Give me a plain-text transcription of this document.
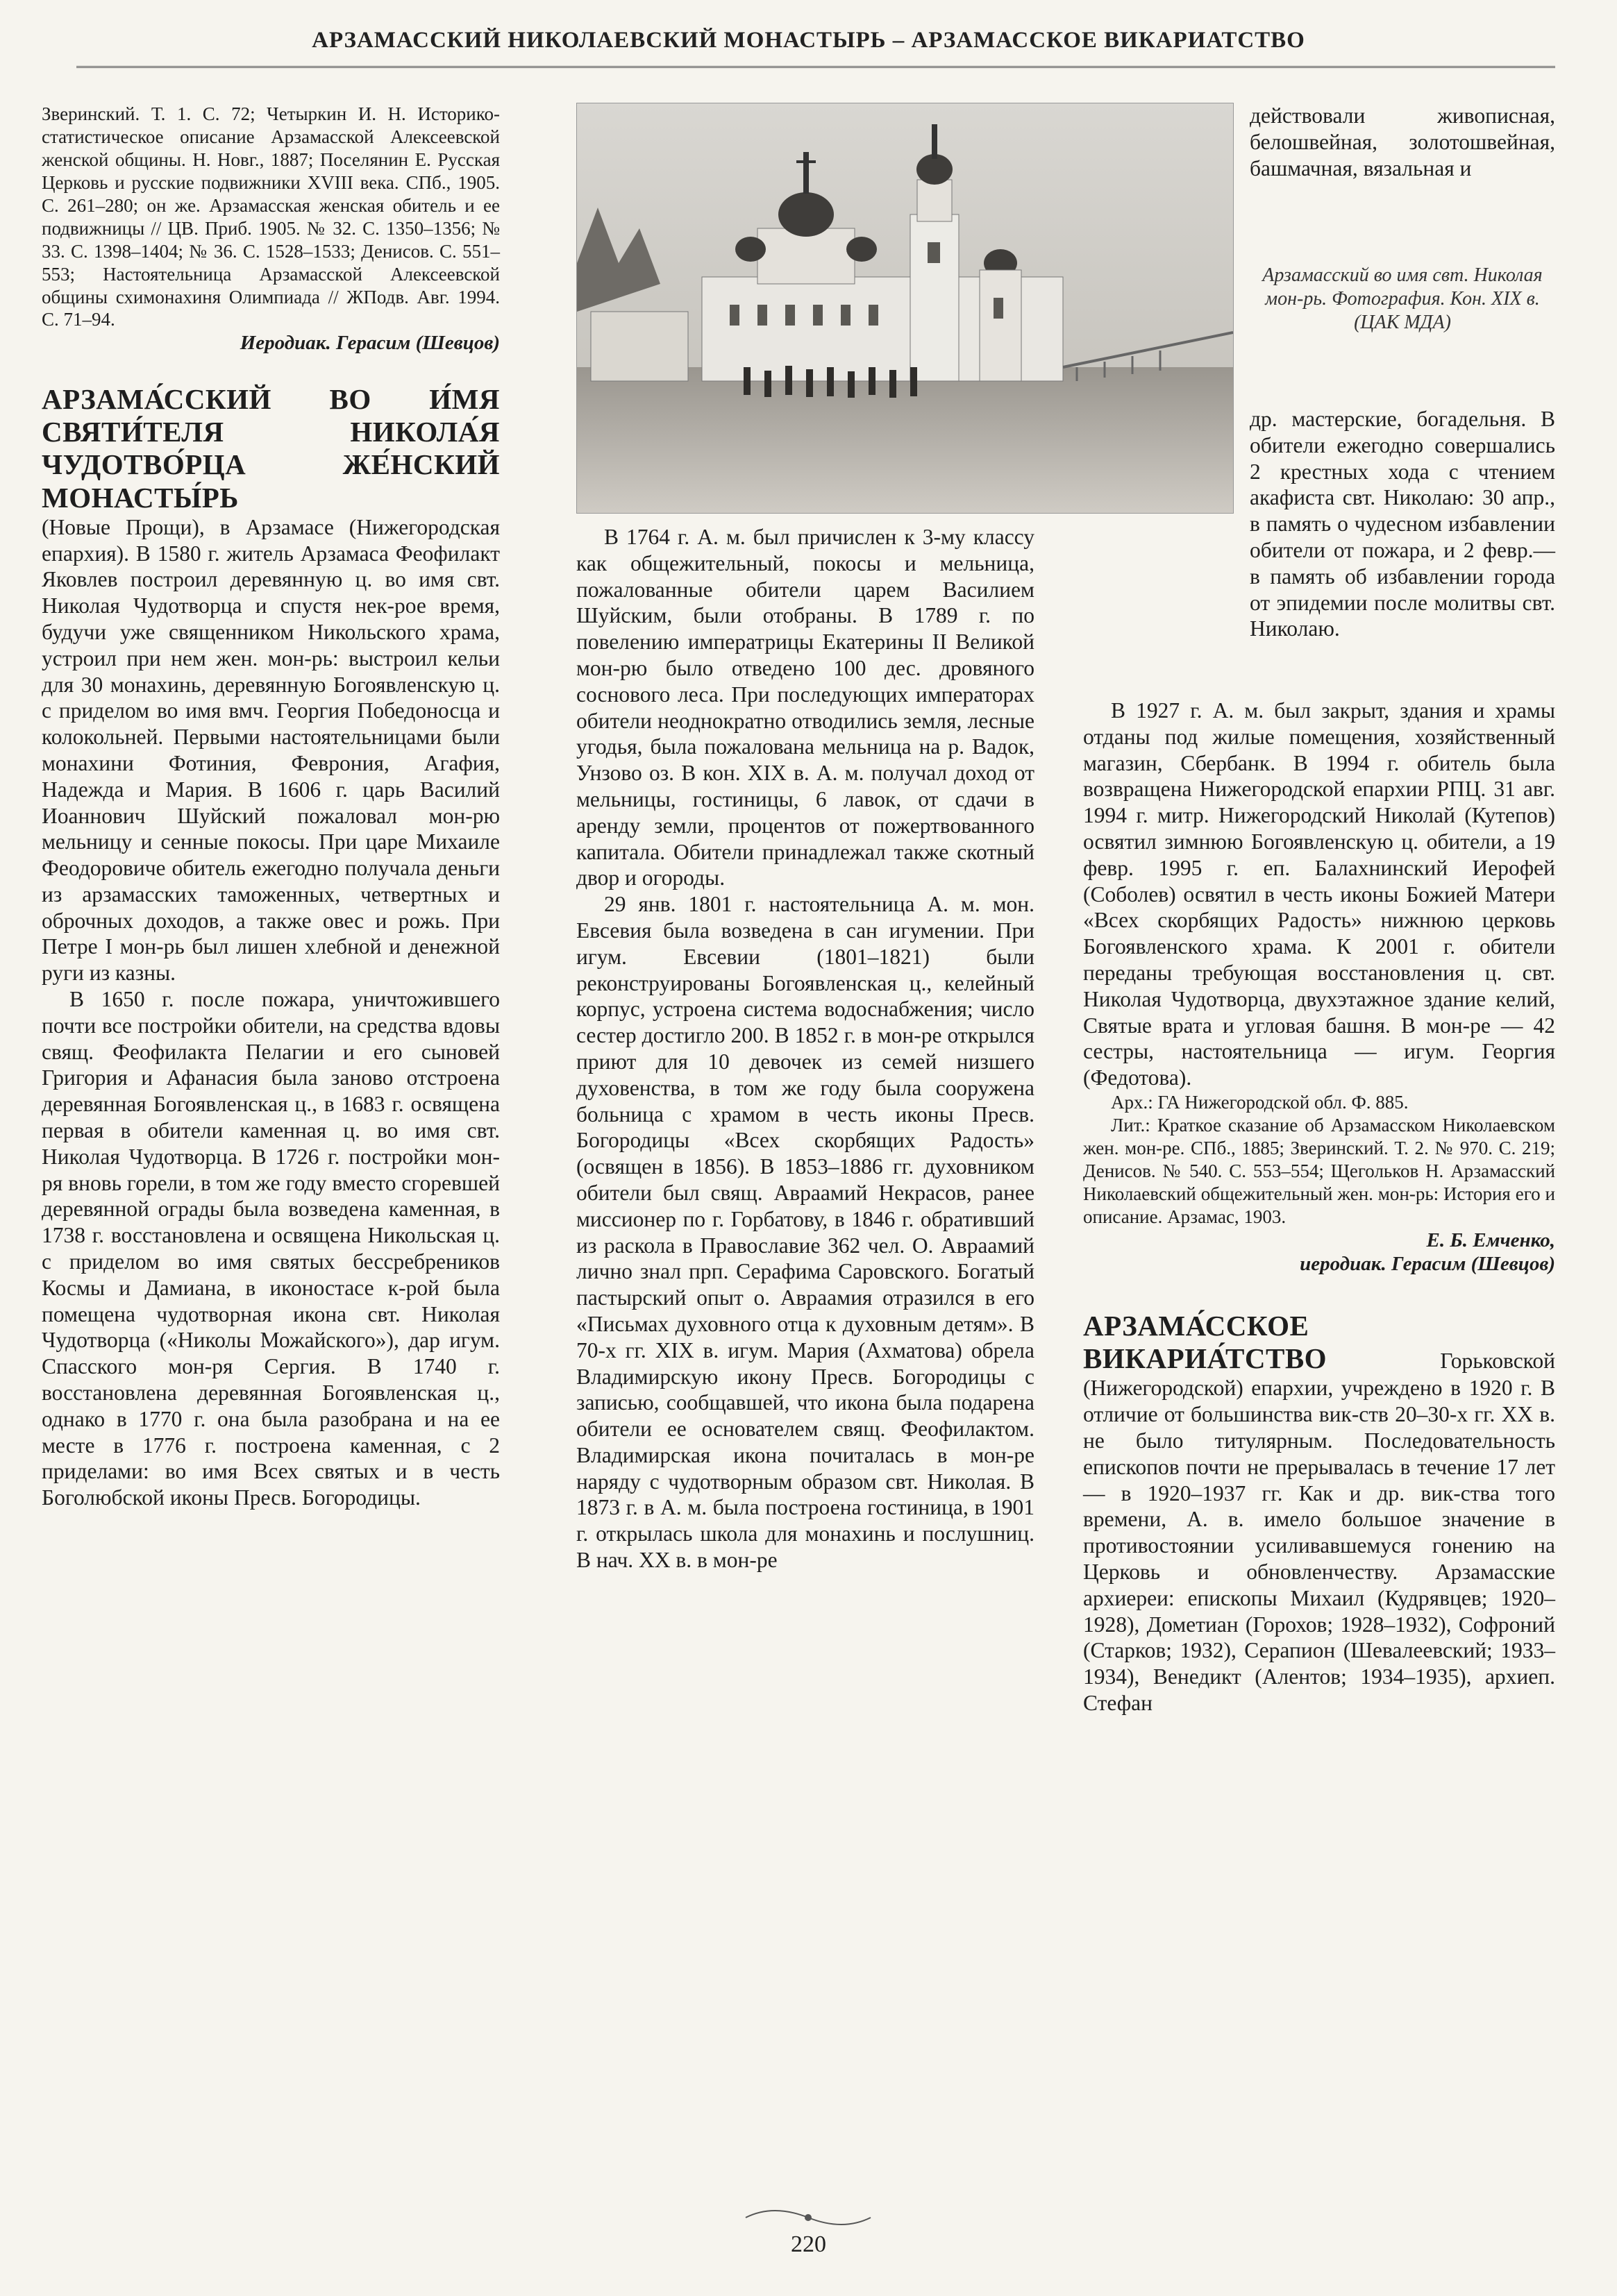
АРЗАМАССКИЙ НИКОЛАЕВСКИЙ МОНАСТЫРЬ – АРЗАМАССКОЕ ВИКАРИАТСТВО

Зверинский. Т. 1. С. 72; Четыркин И. Н. Историко-статистическое описание Арзамасской Алексеевской женской общины. Н. Новг., 1887; Поселянин Е. Русская Церковь и русские подвижники XVIII века. СПб., 1905. С. 261–280; он же. Арзамасская женская обитель и ее подвижницы // ЦВ. Приб. 1905. № 32. С. 1350–1356; № 33. С. 1398–1404; № 36. С. 1528–1533; Денисов. С. 551–553; Настоятельница Арзамасской Алексеевской общины схимонахиня Олимпиада // ЖПодв. Авг. 1994. С. 71–94.

Иеродиак. Герасим (Шевцов)

АРЗАМА́ССКИЙ ВО И́МЯ СВЯТИ́ТЕЛЯ НИКОЛА́Я ЧУДОТВО́РЦА ЖЕ́НСКИЙ МОНАСТЫ́РЬ

(Новые Прощи), в Арзамасе (Нижегородская епархия). В 1580 г. житель Арзамаса Феофилакт Яковлев построил деревянную ц. во имя свт. Николая Чудотворца и спустя нек-рое время, будучи уже священником Никольского храма, устроил при нем жен. мон-рь: выстроил кельи для 30 монахинь, деревянную Богоявленскую ц. с приделом во имя вмч. Георгия Победоносца и колокольней. Первыми настоятельницами были монахини Фотиния, Феврония, Агафия, Надежда и Мария. В 1606 г. царь Василий Иоаннович Шуйский пожаловал мон-рю мельницу и сенные покосы. При царе Михаиле Феодоровиче обитель ежегодно получала деньги из арзамасских таможенных, четвертных и оброчных доходов, а также овес и рожь. При Петре I мон-рь был лишен хлебной и денежной руги из казны.

В 1650 г. после пожара, уничтожившего почти все постройки обители, на средства вдовы свящ. Феофилакта Пелагии и его сыновей Григория и Афанасия была заново отстроена деревянная Богоявленская ц., в 1683 г. освящена первая в обители каменная ц. во имя свт. Николая Чудотворца. В 1726 г. постройки мон-ря вновь горели, в том же году вместо сгоревшей деревянной ограды была возведена каменная, в 1738 г. восстановлена и освящена Никольская ц. с приделом во имя святых бессребреников Космы и Дамиана, в иконостасе к-рой была помещена чудотворная икона свт. Николая Чудотворца («Николы Можайского»), дар игум. Спасского мон-ря Сергия. В 1740 г. восстановлена деревянная Богоявленская ц., однако в 1770 г. она была разобрана и на ее месте в 1776 г. построена каменная, с 2 приделами: во имя Всех святых и в честь Боголюбской иконы Пресв. Богородицы.

действовали живописная, белошвейная, золотошвейная, башмачная, вязальная и
Арзамасский во имя свт. Николая мон-рь. Фотография. Кон. XIX в. (ЦАК МДА)
др. мастерские, богадельня. В обители ежегодно совершались 2 крестных хода с чтением акафиста свт. Николаю: 30 апр., в память о чудесном избавлении обители от пожара, и 2 февр.— в память об избавлении города от эпидемии после молитвы свт. Николаю.

В 1764 г. А. м. был причислен к 3-му классу как общежительный, покосы и мельница, пожалованные обители царем Василием Шуйским, были отобраны. В 1789 г. по повелению императрицы Екатерины II Великой мон-рю было отведено 100 дес. дровяного соснового леса. При последующих императорах обители неоднократно отводились земля, лесные угодья, была пожалована мельница на р. Вадок, Унзово оз. В кон. XIX в. А. м. получал доход от мельницы, гостиницы, 6 лавок, от сдачи в аренду земли, процентов от пожертвованного капитала. Обители принадлежал также скотный двор и огороды.

29 янв. 1801 г. настоятельница А. м. мон. Евсевия была возведена в сан игумении. При игум. Евсевии (1801–1821) были реконструированы Богоявленская ц., келейный корпус, устроена система водоснабжения; число сестер достигло 200. В 1852 г. в мон-ре открылся приют для 10 девочек из семей низшего духовенства, в том же году была сооружена больница с храмом в честь иконы Пресв. Богородицы «Всех скорбящих Радость» (освящен в 1856). В 1853–1886 гг. духовником обители был свящ. Авраамий Некрасов, ранее миссионер по г. Горбатову, в 1846 г. обративший из раскола в Православие 362 чел. О. Авраамий лично знал прп. Серафима Саровского. Богатый пастырский опыт о. Авраамия отразился в его «Письмах духовного отца к духовным детям». В 70-х гг. XIX в. игум. Мария (Ахматова) обрела Владимирскую икону Пресв. Богородицы с записью, сообщавшей, что икона была подарена обители ее основателем свящ. Феофилактом. Владимирская икона почиталась в мон-ре наряду с чудотворным образом свт. Николая. В 1873 г. в А. м. была построена гостиница, в 1901 г. открылась школа для монахинь и послушниц. В нач. XX в. в мон-ре

В 1927 г. А. м. был закрыт, здания и храмы отданы под жилые помещения, хозяйственный магазин, Сбербанк. В 1994 г. обитель была возвращена Нижегородской епархии РПЦ. 31 авг. 1994 г. митр. Нижегородский Николай (Кутепов) освятил зимнюю Богоявленскую ц. обители, а 19 февр. 1995 г. еп. Балахнинский Иерофей (Соболев) освятил в честь иконы Божией Матери «Всех скорбящих Радость» нижнюю церковь Богоявленского храма. К 2001 г. обители переданы требующая восстановления ц. свт. Николая Чудотворца, двухэтажное здание келий, Святые врата и угловая башня. В мон-ре — 42 сестры, настоятельница — игум. Георгия (Федотова).

Арх.: ГА Нижегородской обл. Ф. 885.

Лит.: Краткое сказание об Арзамасском Николаевском жен. мон-ре. СПб., 1885; Зверинский. Т. 2. № 970. С. 219; Денисов. № 540. С. 553–554; Щегольков Н. Арзамасский Николаевский общежительный жен. мон-рь: История его и описание. Арзамас, 1903.

Е. Б. Емченко,

иеродиак. Герасим (Шевцов)

АРЗАМА́ССКОЕ ВИКАРИА́ТСТВО	Горьковской (Нижегородской) епархии, учреждено в 1920 г. В отличие от большинства вик-ств 20–30-х гг. XX в. не было титулярным. Последовательность епископов почти не прерывалась в течение 17 лет — в 1920–1937 гг. Как и др. вик-ства того времени, А. в. имело большое значение в противостоянии усиливавшемуся гонению на Церковь и обновленчеству. Арзамасские архиереи: епископы Михаил (Кудрявцев; 1920–1928), Дометиан (Горохов; 1928–1932), Софроний (Старков; 1932), Серапион (Шевалеевский; 1933–1934), Венедикт (Алентов; 1934–1935), архиеп. Стефан

220
